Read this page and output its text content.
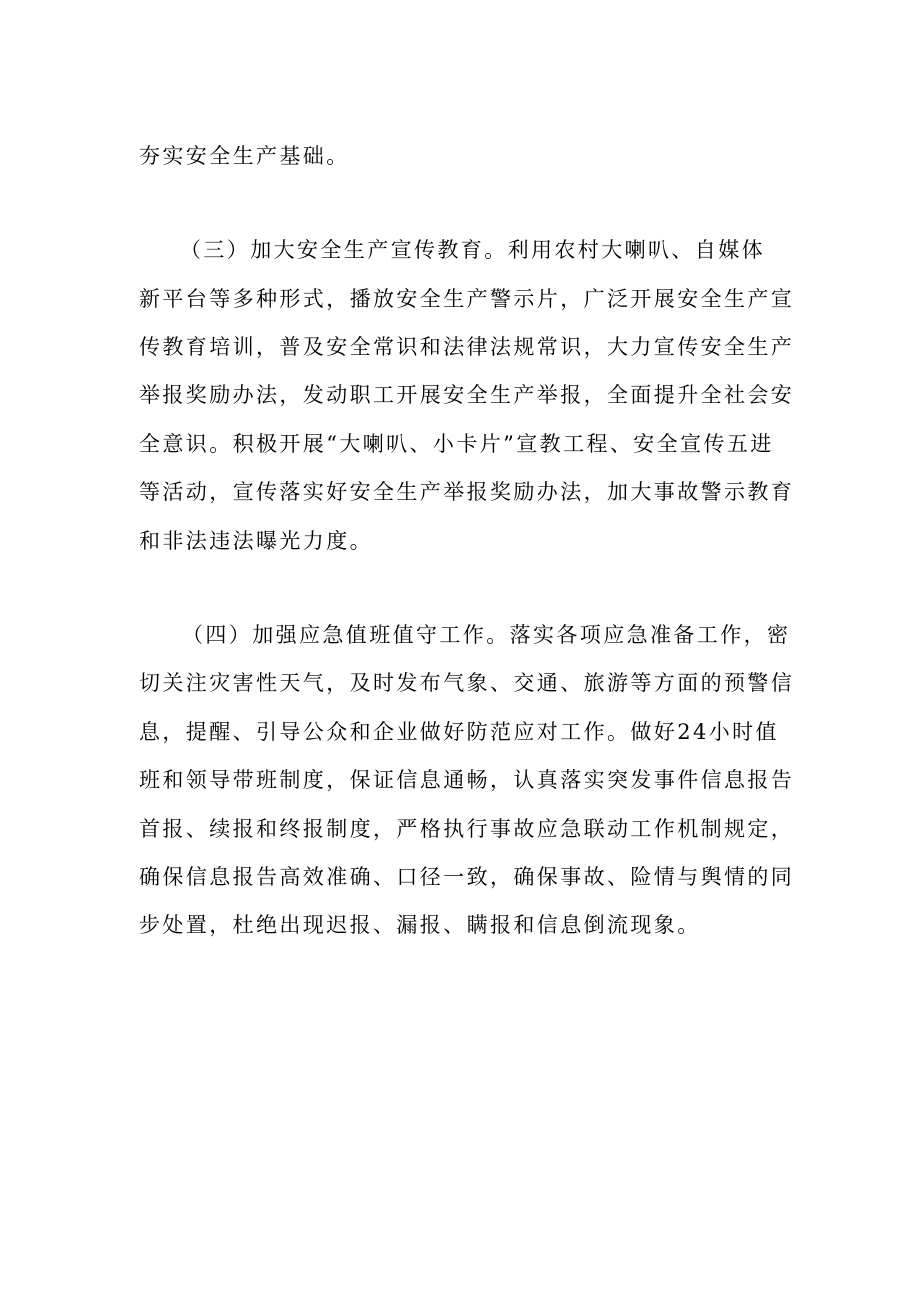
夯实安全生产基础。
（三）加大安全生产宣传教育。利用农村大喇叭、自媒体
新平台等多种形式，播放安全生产警示片，广泛开展安全生产宣
传教育培训，普及安全常识和法律法规常识，大力宣传安全生产
举报奖励办法，发动职工开展安全生产举报，全面提升全社会安
全意识。积极开展“大喇叭、小卡片”宣教工程、安全宣传五进
等活动，宣传落实好安全生产举报奖励办法，加大事故警示教育
和非法违法曝光力度。
（四）加强应急值班值守工作。落实各项应急准备工作，密
切关注灾害性天气，及时发布气象、交通、旅游等方面的预警信
息，提醒、引导公众和企业做好防范应对工作。做好24小时值
班和领导带班制度，保证信息通畅，认真落实突发事件信息报告
首报、续报和终报制度，严格执行事故应急联动工作机制规定，
确保信息报告高效准确、口径一致，确保事故、险情与舆情的同
步处置，杜绝出现迟报、漏报、瞒报和信息倒流现象。
